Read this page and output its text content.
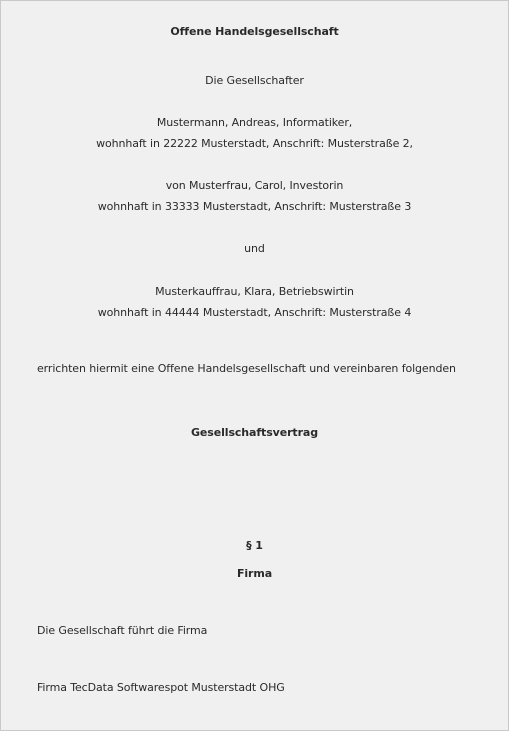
Offene Handelsgesellschaft
Die Gesellschafter
Mustermann, Andreas, Informatiker,
wohnhaft in 22222 Musterstadt, Anschrift: Musterstraße 2,
von Musterfrau, Carol, Investorin
wohnhaft in 33333 Musterstadt, Anschrift: Musterstraße 3
und
Musterkauffrau, Klara, Betriebswirtin
wohnhaft in 44444 Musterstadt, Anschrift: Musterstraße 4
errichten hiermit eine Offene Handelsgesellschaft und vereinbaren folgenden
Gesellschaftsvertrag
§ 1
Firma
Die Gesellschaft führt die Firma
Firma TecData Softwarespot Musterstadt OHG
